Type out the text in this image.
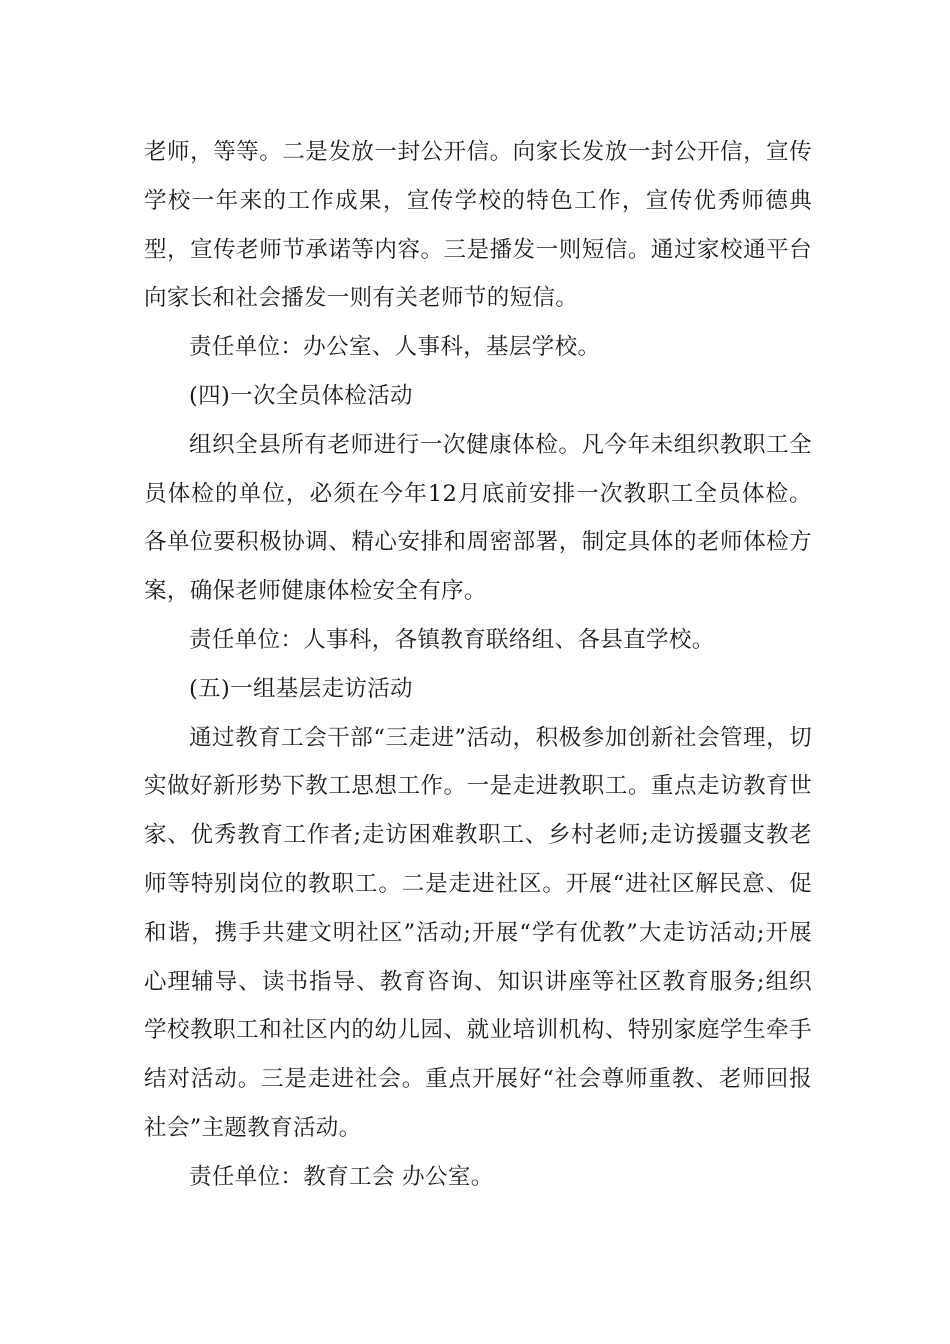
老师，等等。二是发放一封公开信。向家长发放一封公开信，宣传学校一年来的工作成果，宣传学校的特色工作，宣传优秀师德典型，宣传老师节承诺等内容。三是播发一则短信。通过家校通平台向家长和社会播发一则有关老师节的短信。

责任单位：办公室、人事科，基层学校。

(四)一次全员体检活动

组织全县所有老师进行一次健康体检。凡今年未组织教职工全员体检的单位，必须在今年12月底前安排一次教职工全员体检。各单位要积极协调、精心安排和周密部署，制定具体的老师体检方案，确保老师健康体检安全有序。

责任单位：人事科，各镇教育联络组、各县直学校。

(五)一组基层走访活动

通过教育工会干部“三走进”活动，积极参加创新社会管理，切实做好新形势下教工思想工作。一是走进教职工。重点走访教育世家、优秀教育工作者;走访困难教职工、乡村老师;走访援疆支教老师等特别岗位的教职工。二是走进社区。开展“进社区解民意、促和谐，携手共建文明社区”活动;开展“学有优教”大走访活动;开展心理辅导、读书指导、教育咨询、知识讲座等社区教育服务;组织学校教职工和社区内的幼儿园、就业培训机构、特别家庭学生牵手结对活动。三是走进社会。重点开展好“社会尊师重教、老师回报社会”主题教育活动。

责任单位：教育工会 办公室。
